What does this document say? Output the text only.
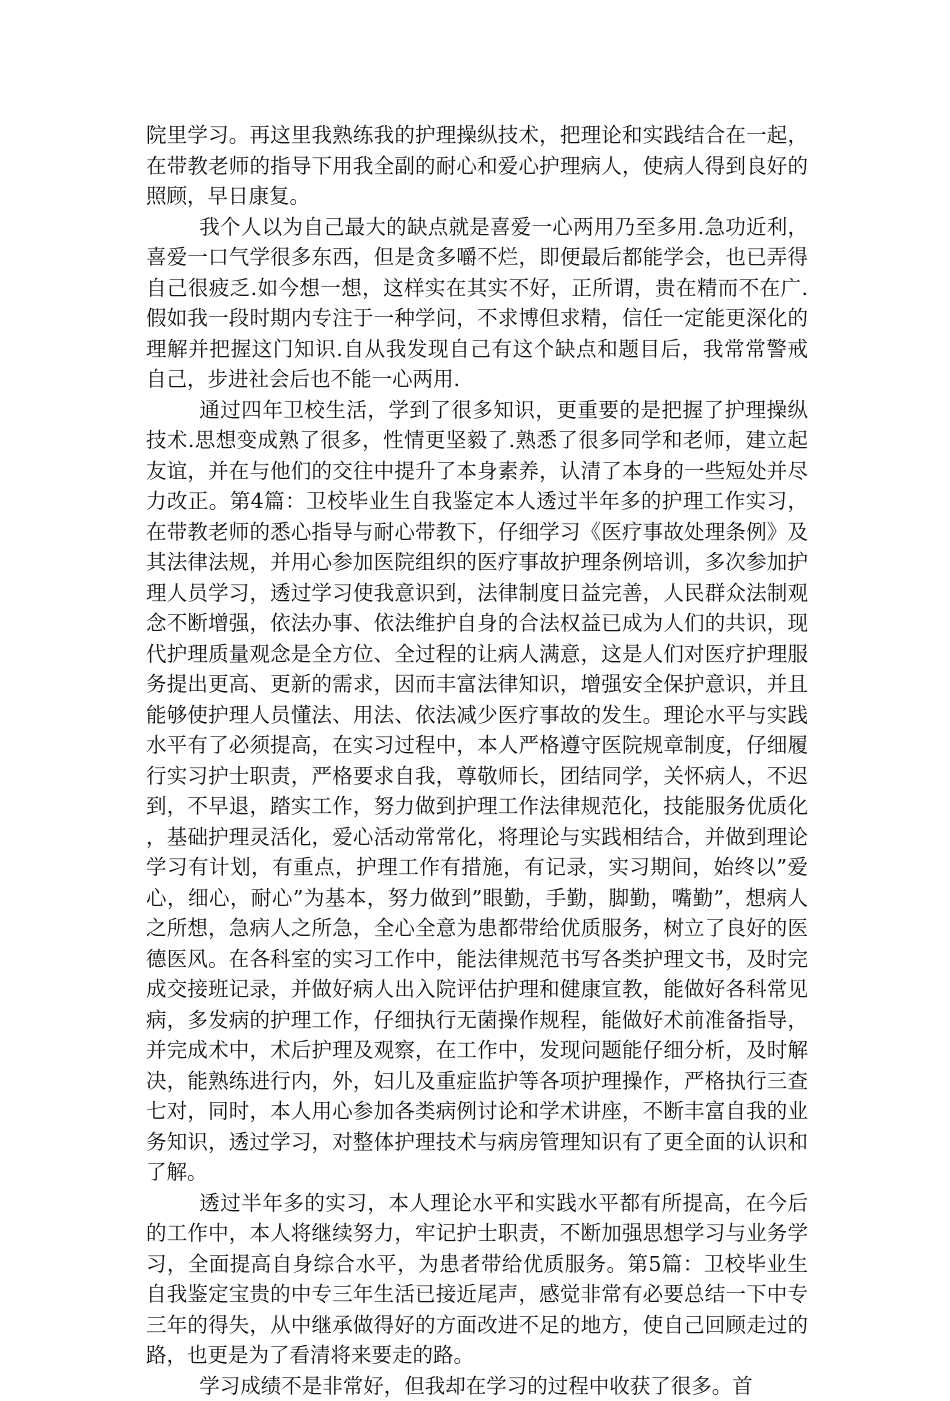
院里学习。再这里我熟练我的护理操纵技术，把理论和实践结合在一起，在带教老师的指导下用我全副的耐心和爱心护理病人，使病人得到良好的照顾，早日康复。

我个人以为自己最大的缺点就是喜爱一心两用乃至多用.急功近利，喜爱一口气学很多东西，但是贪多嚼不烂，即便最后都能学会，也已弄得自己很疲乏.如今想一想，这样实在其实不好，正所谓，贵在精而不在广.假如我一段时期内专注于一种学问，不求博但求精，信任一定能更深化的理解并把握这门知识.自从我发现自己有这个缺点和题目后，我常常警戒自己，步进社会后也不能一心两用.

通过四年卫校生活，学到了很多知识，更重要的是把握了护理操纵技术.思想变成熟了很多，性情更坚毅了.熟悉了很多同学和老师，建立起友谊，并在与他们的交往中提升了本身素养，认清了本身的一些短处并尽力改正。第4篇：卫校毕业生自我鉴定本人透过半年多的护理工作实习，在带教老师的悉心指导与耐心带教下，仔细学习《医疗事故处理条例》及其法律法规，并用心参加医院组织的医疗事故护理条例培训，多次参加护理人员学习，透过学习使我意识到，法律制度日益完善，人民群众法制观念不断增强，依法办事、依法维护自身的合法权益已成为人们的共识，现代护理质量观念是全方位、全过程的让病人满意，这是人们对医疗护理服务提出更高、更新的需求，因而丰富法律知识，增强安全保护意识，并且能够使护理人员懂法、用法、依法减少医疗事故的发生。理论水平与实践水平有了必须提高，在实习过程中，本人严格遵守医院规章制度，仔细履行实习护士职责，严格要求自我，尊敬师长，团结同学，关怀病人，不迟到，不早退，踏实工作，努力做到护理工作法律规范化，技能服务优质化，基础护理灵活化，爱心活动常常化，将理论与实践相结合，并做到理论学习有计划，有重点，护理工作有措施，有记录，实习期间，始终以”爱心，细心，耐心”为基本，努力做到”眼勤，手勤，脚勤，嘴勤”，想病人之所想，急病人之所急，全心全意为患都带给优质服务，树立了良好的医德医风。在各科室的实习工作中，能法律规范书写各类护理文书，及时完成交接班记录，并做好病人出入院评估护理和健康宣教，能做好各科常见病，多发病的护理工作，仔细执行无菌操作规程，能做好术前准备指导，并完成术中，术后护理及观察，在工作中，发现问题能仔细分析，及时解决，能熟练进行内，外，妇儿及重症监护等各项护理操作，严格执行三查七对，同时，本人用心参加各类病例讨论和学术讲座，不断丰富自我的业务知识，透过学习，对整体护理技术与病房管理知识有了更全面的认识和了解。

透过半年多的实习，本人理论水平和实践水平都有所提高，在今后的工作中，本人将继续努力，牢记护士职责，不断加强思想学习与业务学习，全面提高自身综合水平，为患者带给优质服务。第5篇：卫校毕业生自我鉴定宝贵的中专三年生活已接近尾声，感觉非常有必要总结一下中专三年的得失，从中继承做得好的方面改进不足的地方，使自己回顾走过的路，也更是为了看清将来要走的路。

学习成绩不是非常好，但我却在学习的过程中收获了很多。首
